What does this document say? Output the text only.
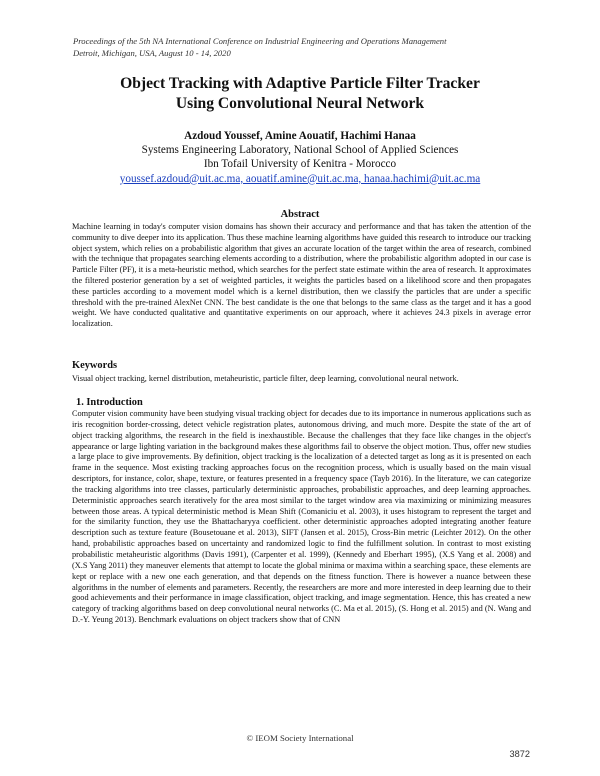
Proceedings of the 5th NA International Conference on Industrial Engineering and Operations Management
Detroit, Michigan, USA, August 10 - 14, 2020
Object Tracking with Adaptive Particle Filter Tracker
Using Convolutional Neural Network
Azdoud Youssef, Amine Aouatif, Hachimi Hanaa
Systems Engineering Laboratory, National School of Applied Sciences
Ibn Tofail University of Kenitra - Morocco
youssef.azdoud@uit.ac.ma, aouatif.amine@uit.ac.ma, hanaa.hachimi@uit.ac.ma
Abstract
Machine learning in today's computer vision domains has shown their accuracy and performance and that has taken the attention of the community to dive deeper into its application. Thus these machine learning algorithms have guided this research to introduce our tracking object system, which relies on a probabilistic algorithm that gives an accurate location of the target within the area of research, combined with the technique that propagates searching elements according to a distribution, where the probabilistic algorithm adopted in our case is Particle Filter (PF), it is a meta-heuristic method, which searches for the perfect state estimate within the area of research. It approximates the filtered posterior generation by a set of weighted particles, it weights the particles based on a likelihood score and then propagates these particles according to a movement model which is a kernel distribution, then we classify the particles that are under a specific threshold with the pre-trained AlexNet CNN. The best candidate is the one that belongs to the same class as the target and it has a good weight. We have conducted qualitative and quantitative experiments on our approach, where it achieves 24.3 pixels in average error localization.
Keywords
Visual object tracking, kernel distribution, metaheuristic, particle filter, deep learning, convolutional neural network.
1. Introduction
Computer vision community have been studying visual tracking object for decades due to its importance in numerous applications such as iris recognition border-crossing, detect vehicle registration plates, autonomous driving, and much more. Despite the state of the art of object tracking algorithms, the research in the field is inexhaustible. Because the challenges that they face like changes in the object's appearance or large lighting variation in the background makes these algorithms fail to observe the object motion. Thus, offer new studies a large place to give improvements. By definition, object tracking is the localization of a detected target as long as it is presented on each frame in the sequence. Most existing tracking approaches focus on the recognition process, which is usually based on the main visual descriptors, for instance, color, shape, texture, or features presented in a frequency space (Tayb 2016). In the literature, we can categorize the tracking algorithms into tree classes, particularly deterministic approaches, probabilistic approaches, and deep learning approaches. Deterministic approaches search iteratively for the area most similar to the target window area via maximizing or minimizing measures between those areas. A typical deterministic method is Mean Shift (Comaniciu et al. 2003), it uses histogram to represent the target and for the similarity function, they use the Bhattacharyya coefficient. other deterministic approaches adopted integrating another feature description such as texture feature (Bousetouane et al. 2013), SIFT (Jansen et al. 2015), Cross-Bin metric (Leichter 2012). On the other hand, probabilistic approaches based on uncertainty and randomized logic to find the fulfillment solution. In contrast to most existing probabilistic metaheuristic algorithms (Davis 1991), (Carpenter et al. 1999), (Kennedy and Eberhart 1995), (X.S Yang et al. 2008) and (X.S Yang 2011) they maneuver elements that attempt to locate the global minima or maxima within a searching space, these elements are kept or replace with a new one each generation, and that depends on the fitness function. There is however a nuance between these algorithms in the number of elements and parameters. Recently, the researchers are more and more interested in deep learning due to their good achievements and their performance in image classification, object tracking, and image segmentation. Hence, this has created a new category of tracking algorithms based on deep convolutional neural networks (C. Ma et al. 2015), (S. Hong et al. 2015) and (N. Wang and D.-Y. Yeung 2013). Benchmark evaluations on object trackers show that of CNN
© IEOM Society International
3872
